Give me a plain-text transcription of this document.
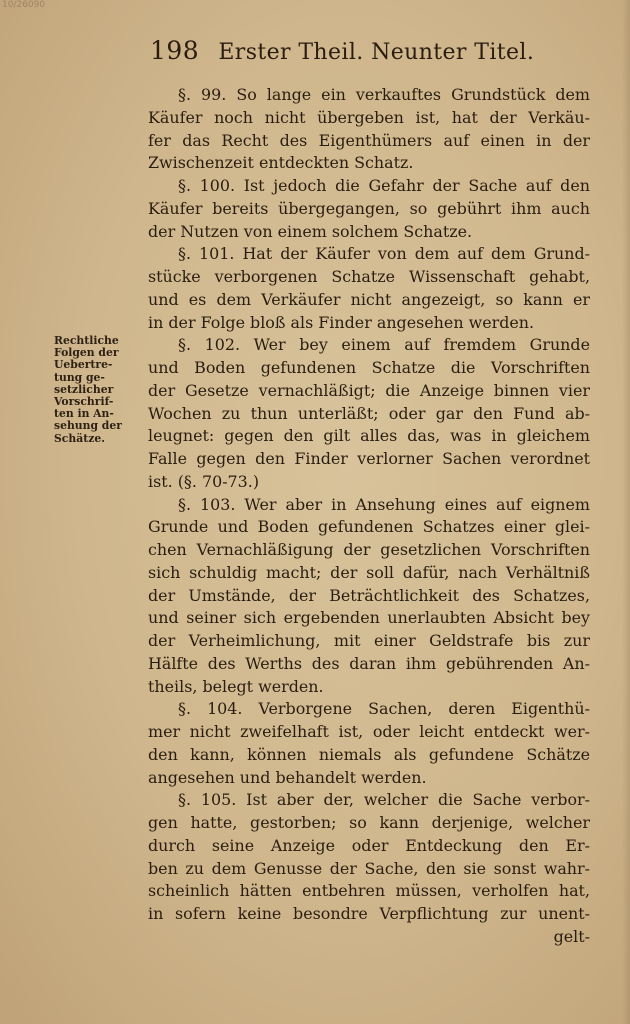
10/26090
198 Erster Theil. Neunter Titel.
Rechtliche
Folgen der
Uebertre-
tung ge-
setzlicher
Vorschrif-
ten in An-
sehung der
Schätze.
§. 99. So lange ein verkauftes Grundstück dem
Käufer noch nicht übergeben ist, hat der Verkäu-
fer das Recht des Eigenthümers auf einen in der
Zwischenzeit entdeckten Schatz.
§. 100. Ist jedoch die Gefahr der Sache auf den
Käufer bereits übergegangen, so gebührt ihm auch
der Nutzen von einem solchem Schatze.
§. 101. Hat der Käufer von dem auf dem Grund-
stücke verborgenen Schatze Wissenschaft gehabt,
und es dem Verkäufer nicht angezeigt, so kann er
in der Folge bloß als Finder angesehen werden.
§. 102. Wer bey einem auf fremdem Grunde
und Boden gefundenen Schatze die Vorschriften
der Gesetze vernachläßigt; die Anzeige binnen vier
Wochen zu thun unterläßt; oder gar den Fund ab-
leugnet: gegen den gilt alles das, was in gleichem
Falle gegen den Finder verlorner Sachen verordnet
ist. (§. 70-73.)
§. 103. Wer aber in Ansehung eines auf eignem
Grunde und Boden gefundenen Schatzes einer glei-
chen Vernachläßigung der gesetzlichen Vorschriften
sich schuldig macht; der soll dafür, nach Verhältniß
der Umstände, der Beträchtlichkeit des Schatzes,
und seiner sich ergebenden unerlaubten Absicht bey
der Verheimlichung, mit einer Geldstrafe bis zur
Hälfte des Werths des daran ihm gebührenden An-
theils, belegt werden.
§. 104. Verborgene Sachen, deren Eigenthü-
mer nicht zweifelhaft ist, oder leicht entdeckt wer-
den kann, können niemals als gefundene Schätze
angesehen und behandelt werden.
§. 105. Ist aber der, welcher die Sache verbor-
gen hatte, gestorben; so kann derjenige, welcher
durch seine Anzeige oder Entdeckung den Er-
ben zu dem Genusse der Sache, den sie sonst wahr-
scheinlich hätten entbehren müssen, verholfen hat,
in sofern keine besondre Verpflichtung zur unent-
gelt-
